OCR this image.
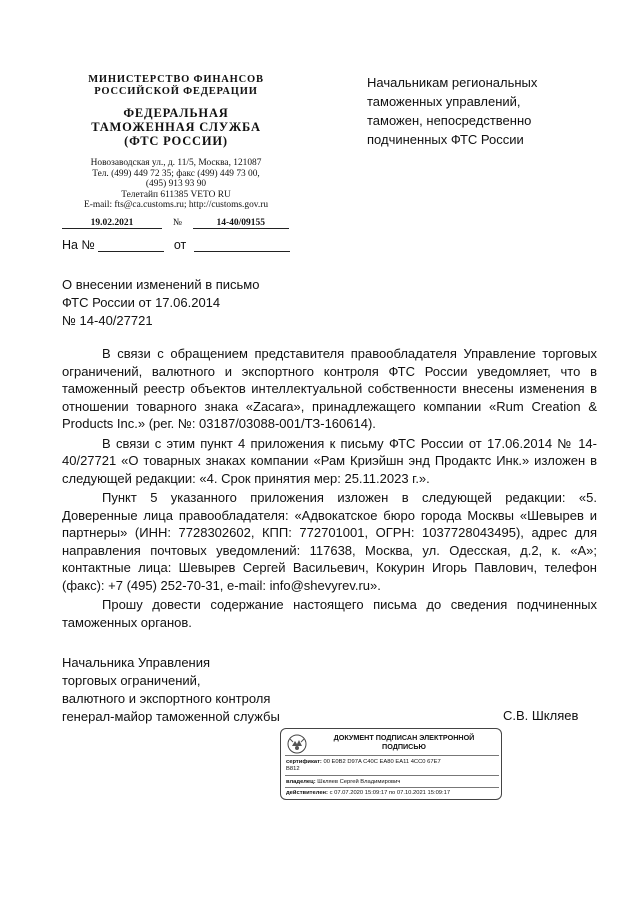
МИНИСТЕРСТВО ФИНАНСОВ
РОССИЙСКОЙ ФЕДЕРАЦИИ
ФЕДЕРАЛЬНАЯ
ТАМОЖЕННАЯ СЛУЖБА
(ФТС РОССИИ)
Новозаводская ул., д. 11/5, Москва, 121087
Тел. (499) 449 72 35; факс (499) 449 73 00,
(495) 913 93 90
Телетайп 611385 VETO RU
E-mail: fts@ca.customs.ru; http://customs.gov.ru
19.02.2021	№	14-40/09155
На №	от
Начальникам региональных
таможенных управлений,
таможен, непосредственно
подчиненных ФТС России
О внесении изменений в письмо
ФТС России от 17.06.2014
№ 14-40/27721

В связи с обращением представителя правообладателя Управление торговых ограничений, валютного и экспортного контроля ФТС России уведомляет, что в таможенный реестр объектов интеллектуальной собственности внесены изменения в отношении товарного знака «Zacara», принадлежащего компании «Rum Creation & Products Inc.» (рег. №: 03187/03088-001/ТЗ-160614).

В связи с этим пункт 4 приложения к письму ФТС России от 17.06.2014 № 14-40/27721 «О товарных знаках компании «Рам Криэйшн энд Продактс Инк.» изложен в следующей редакции: «4. Срок принятия мер: 25.11.2023 г.».

Пункт 5 указанного приложения изложен в следующей редакции: «5. Доверенные лица правообладателя: «Адвокатское бюро города Москвы «Шевырев и партнеры» (ИНН: 7728302602, КПП: 772701001, ОГРН: 1037728043495), адрес для направления почтовых уведомлений: 117638, Москва, ул. Одесская, д.2, к. «А»; контактные лица: Шевырев Сергей Васильевич, Кокурин Игорь Павлович, телефон (факс): +7 (495) 252-70-31, e-mail: info@shevyrev.ru».

Прошу довести содержание настоящего письма до сведения подчиненных таможенных органов.

Начальника Управления
торговых ограничений,
валютного и экспортного контроля
генерал-майор таможенной службы	С.В. Шкляев
ДОКУМЕНТ ПОДПИСАН ЭЛЕКТРОННОЙ ПОДПИСЬЮ
сертификат: 00 E0B2 D97A C40C EA80 EA11 4CC0 67E7
B812
владелец: Шкляев Сергей Владимирович
действителен: с 07.07.2020 15:09:17 по 07.10.2021 15:09:17
